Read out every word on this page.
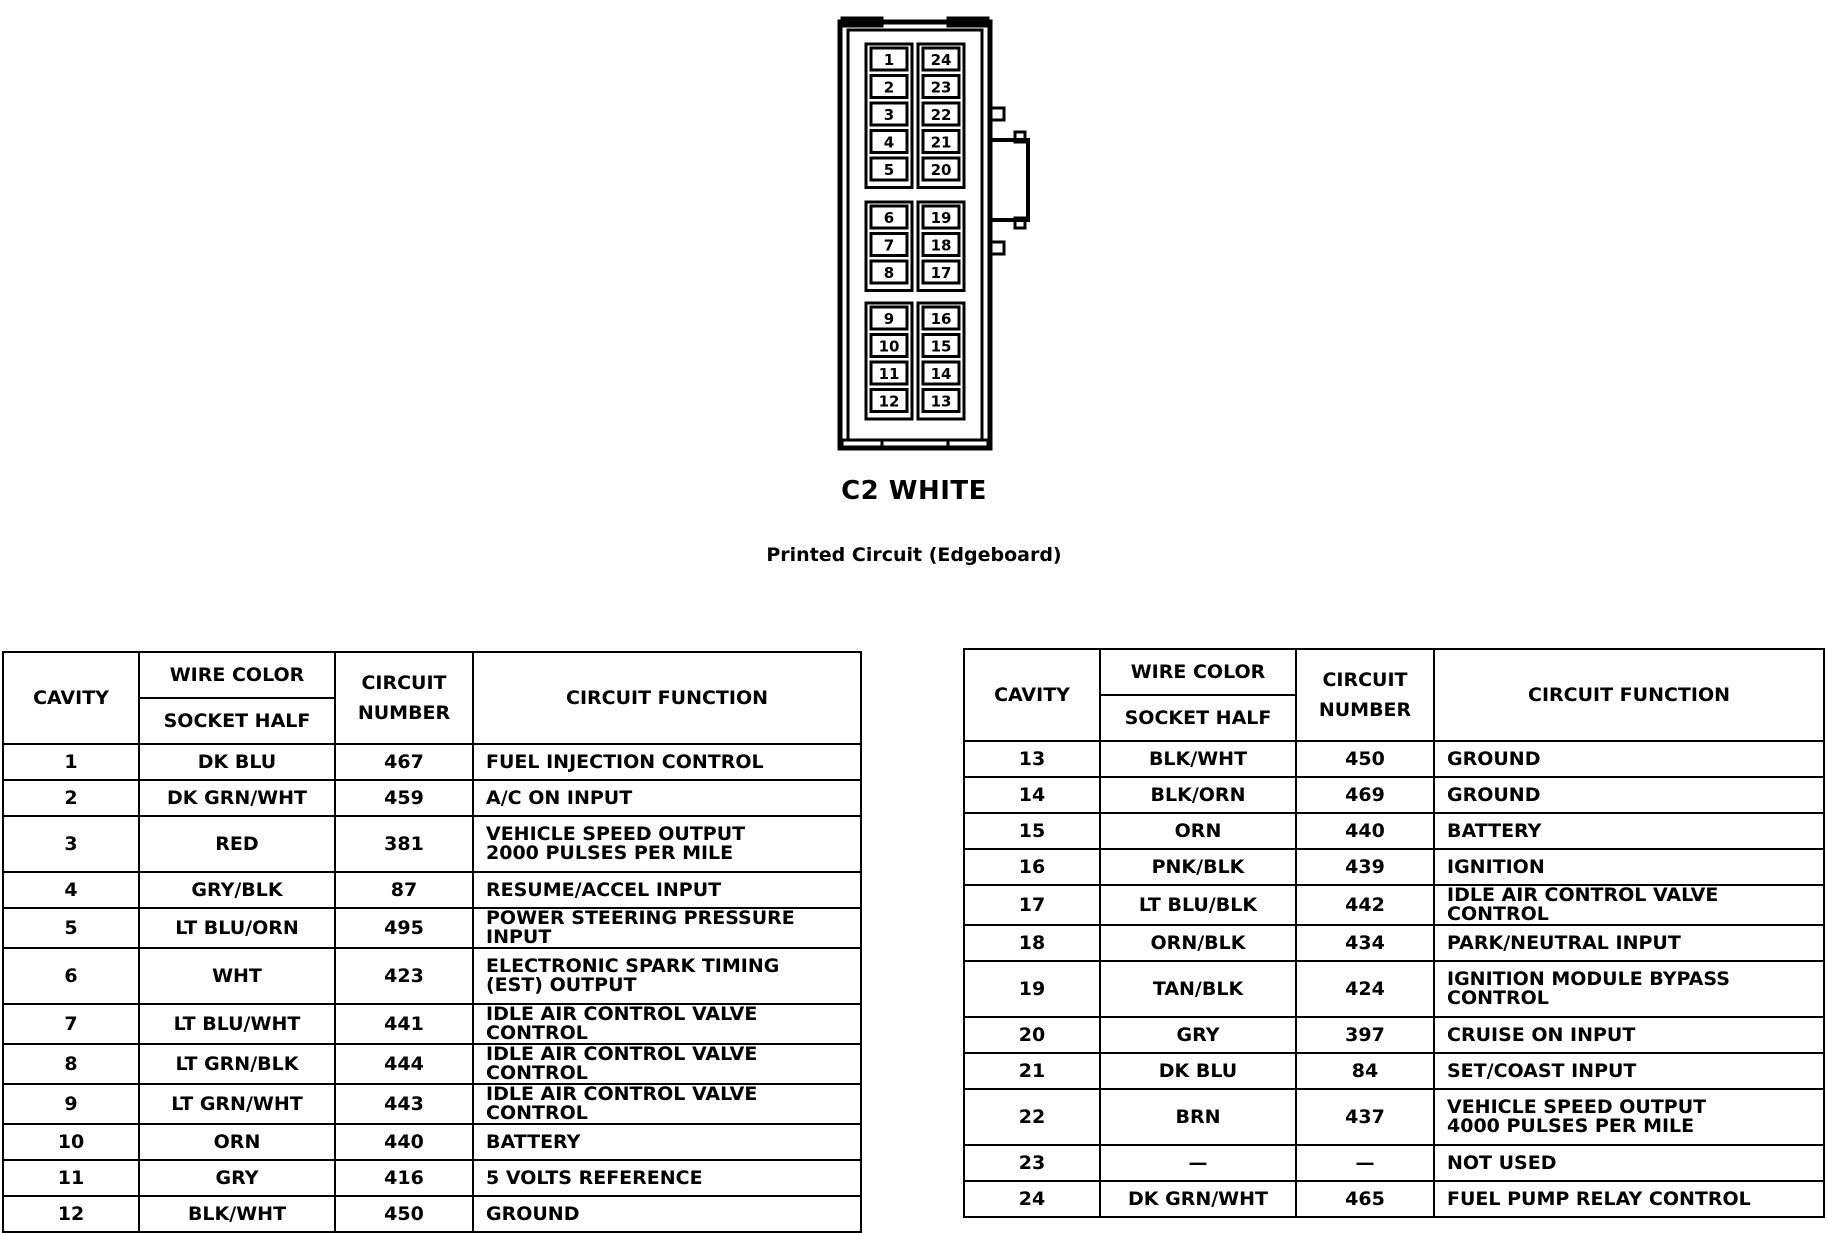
1 24
2 23
3 22
4 21
5 20
6 19
7 18
8 17
9 16
10 15
11 14
12 13
C2 WHITE
Printed Circuit (Edgeboard)
CAVITY	WIRE COLOR	CIRCUIT
NUMBER	CIRCUIT FUNCTION
	SOCKET HALF		
1	DK BLU	467	FUEL INJECTION CONTROL
2	DK GRN/WHT	459	A/C ON INPUT
3	RED	381	VEHICLE SPEED OUTPUT
2000 PULSES PER MILE
4	GRY/BLK	87	RESUME/ACCEL INPUT
5	LT BLU/ORN	495	POWER STEERING PRESSURE INPUT
6	WHT	423	ELECTRONIC SPARK TIMING
(EST) OUTPUT
7	LT BLU/WHT	441	IDLE AIR CONTROL VALVE CONTROL
8	LT GRN/BLK	444	IDLE AIR CONTROL VALVE CONTROL
9	LT GRN/WHT	443	IDLE AIR CONTROL VALVE CONTROL
10	ORN	440	BATTERY
11	GRY	416	5 VOLTS REFERENCE
12	BLK/WHT	450	GROUND
CAVITY	WIRE COLOR	CIRCUIT
NUMBER	CIRCUIT FUNCTION
	SOCKET HALF		
13	BLK/WHT	450	GROUND
14	BLK/ORN	469	GROUND
15	ORN	440	BATTERY
16	PNK/BLK	439	IGNITION
17	LT BLU/BLK	442	IDLE AIR CONTROL VALVE CONTROL
18	ORN/BLK	434	PARK/NEUTRAL INPUT
19	TAN/BLK	424	IGNITION MODULE BYPASS
CONTROL
20	GRY	397	CRUISE ON INPUT
21	DK BLU	84	SET/COAST INPUT
22	BRN	437	VEHICLE SPEED OUTPUT
4000 PULSES PER MILE
23	—	—	NOT USED
24	DK GRN/WHT	465	FUEL PUMP RELAY CONTROL
